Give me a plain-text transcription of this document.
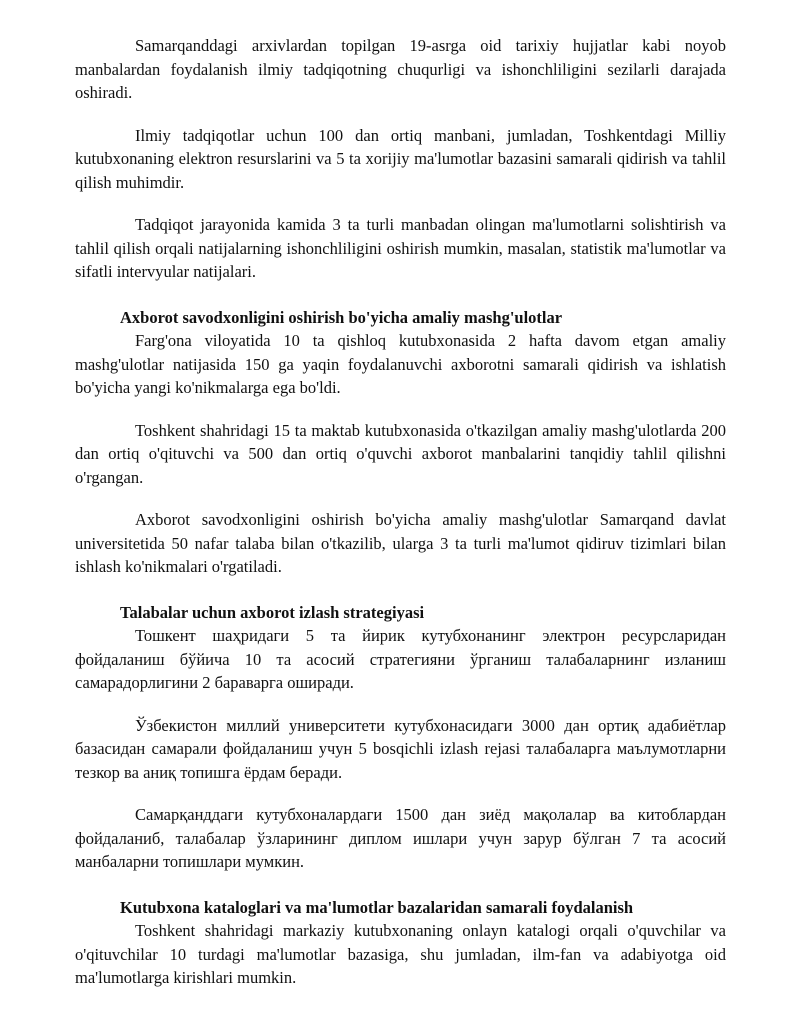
Samarqanddagi arxivlardan topilgan 19-asrga oid tarixiy hujjatlar kabi noyob manbalardan foydalanish ilmiy tadqiqotning chuqurligi va ishonchliligini sezilarli darajada oshiradi.

Ilmiy tadqiqotlar uchun 100 dan ortiq manbani, jumladan, Toshkentdagi Milliy kutubxonaning elektron resurslarini va 5 ta xorijiy ma'lumotlar bazasini samarali qidirish va tahlil qilish muhimdir.

Tadqiqot jarayonida kamida 3 ta turli manbadan olingan ma'lumotlarni solishtirish va tahlil qilish orqali natijalarning ishonchliligini oshirish mumkin, masalan, statistik ma'lumotlar va sifatli intervyular natijalari.

Axborot savodxonligini oshirish bo'yicha amaliy mashg'ulotlar

Farg'ona viloyatida 10 ta qishloq kutubxonasida 2 hafta davom etgan amaliy mashg'ulotlar natijasida 150 ga yaqin foydalanuvchi axborotni samarali qidirish va ishlatish bo'yicha yangi ko'nikmalarga ega bo'ldi.

Toshkent shahridagi 15 ta maktab kutubxonasida o'tkazilgan amaliy mashg'ulotlarda 200 dan ortiq o'qituvchi va 500 dan ortiq o'quvchi axborot manbalarini tanqidiy tahlil qilishni o'rgangan.

Axborot savodxonligini oshirish bo'yicha amaliy mashg'ulotlar Samarqand davlat universitetida 50 nafar talaba bilan o'tkazilib, ularga 3 ta turli ma'lumot qidiruv tizimlari bilan ishlash ko'nikmalari o'rgatiladi.

Talabalar uchun axborot izlash strategiyasi

Тошкент шаҳридаги 5 та йирик кутубхонанинг электрон ресурсларидан фойдаланиш бўйича 10 та асосий стратегияни ўрганиш талабаларнинг изланиш самарадорлигини 2 бараварга оширади.

Ўзбекистон миллий университети кутубхонасидаги 3000 дан ортиқ адабиётлар базасидан самарали фойдаланиш учун 5 bosqichli izlash rejasi талабаларга маълумотларни тезкор ва аниқ топишга ёрдам беради.

Самарқанддаги кутубхоналардаги 1500 дан зиёд мақолалар ва китоблардан фойдаланиб, талабалар ўзларининг диплом ишлари учун зарур бўлган 7 та асосий манбаларни топишлари мумкин.

Kutubxona kataloglari va ma'lumotlar bazalaridan samarali foydalanish

Toshkent shahridagi markaziy kutubxonaning onlayn katalogi orqali o'quvchilar va o'qituvchilar 10 turdagi ma'lumotlar bazasiga, shu jumladan, ilm-fan va adabiyotga oid ma'lumotlarga kirishlari mumkin.
